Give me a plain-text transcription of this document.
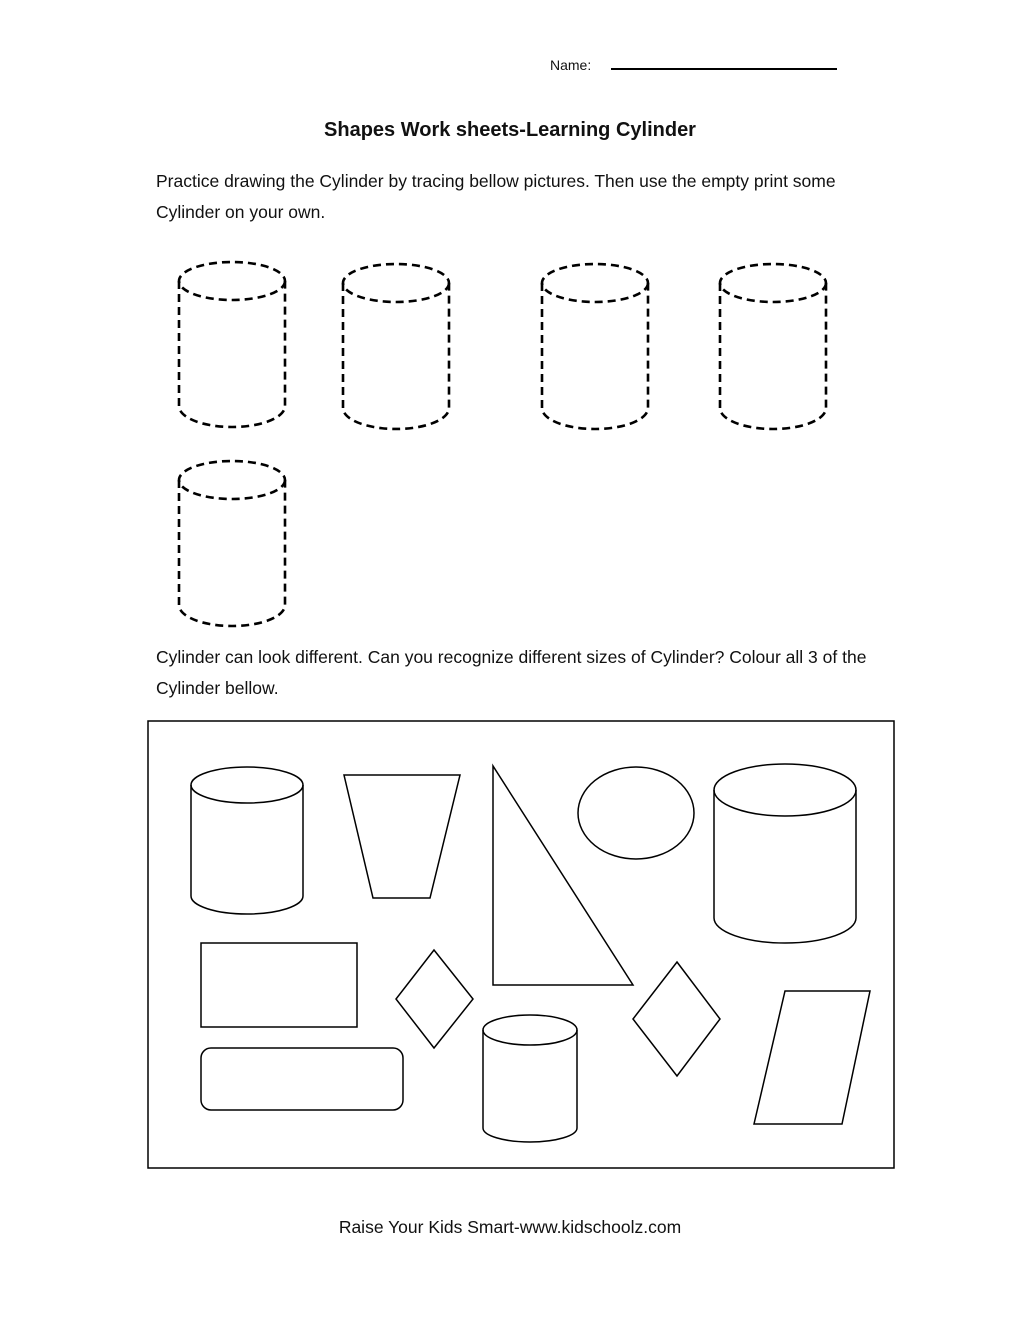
Name:
Shapes Work sheets-Learning Cylinder
Practice drawing the Cylinder by tracing bellow pictures. Then use the empty print some Cylinder on your own.
Cylinder can look different. Can you recognize different sizes of Cylinder? Colour all 3 of the Cylinder bellow.
Raise Your Kids Smart-www.kidschoolz.com
